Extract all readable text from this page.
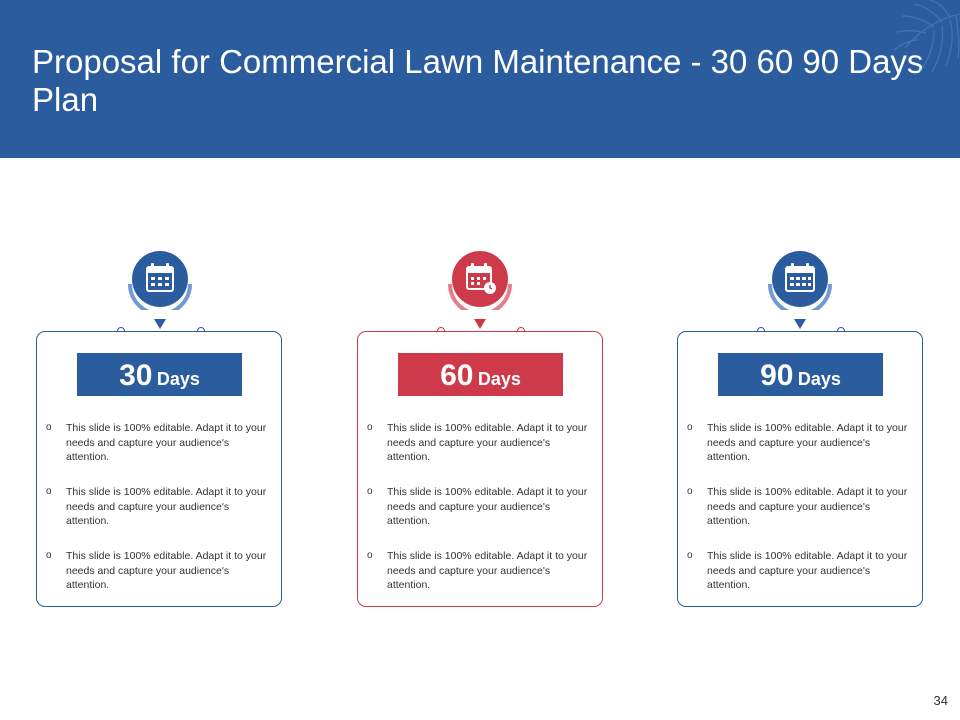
Proposal for Commercial Lawn Maintenance - 30 60 90 Days Plan
30 Days
o This slide is 100% editable. Adapt it to your needs and capture your audience's attention.
o This slide is 100% editable. Adapt it to your needs and capture your audience's attention.
o This slide is 100% editable. Adapt it to your needs and capture your audience's attention.
60 Days
o This slide is 100% editable. Adapt it to your needs and capture your audience's attention.
o This slide is 100% editable. Adapt it to your needs and capture your audience's attention.
o This slide is 100% editable. Adapt it to your needs and capture your audience's attention.
90 Days
o This slide is 100% editable. Adapt it to your needs and capture your audience's attention.
o This slide is 100% editable. Adapt it to your needs and capture your audience's attention.
o This slide is 100% editable. Adapt it to your needs and capture your audience's attention.
34
